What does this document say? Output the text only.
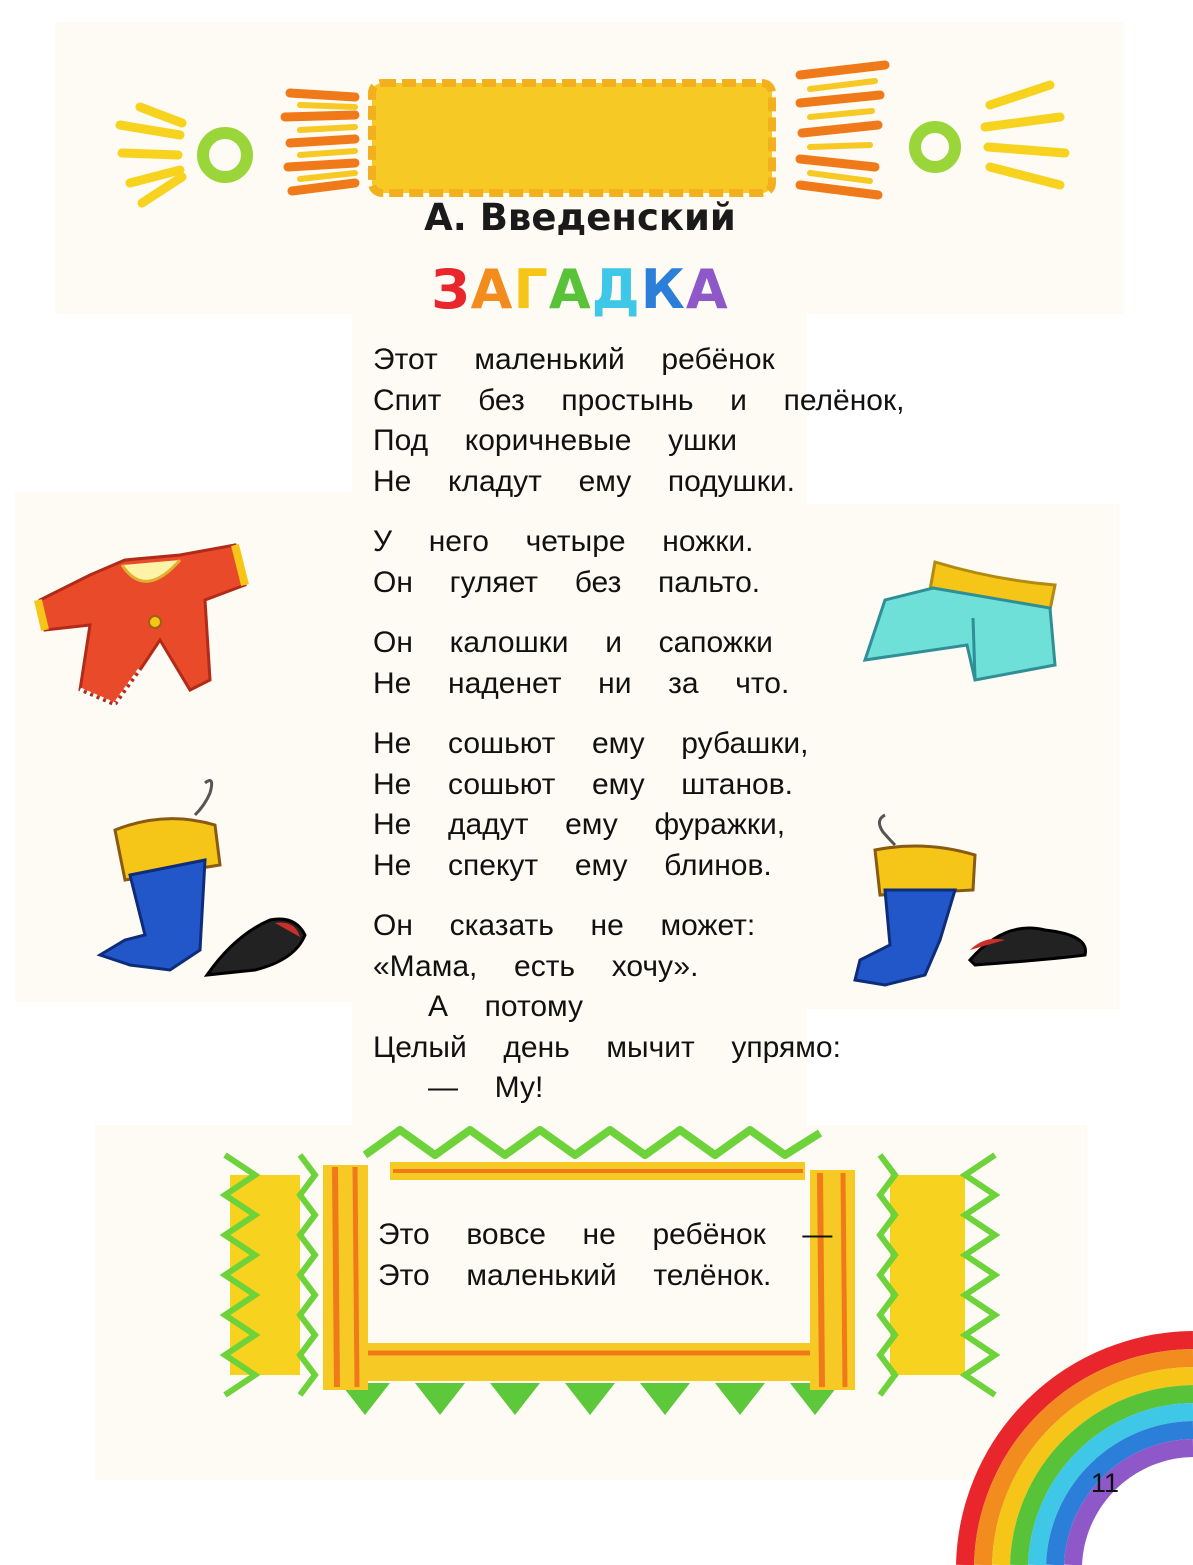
А. Введенский
ЗАГАДКА
Этот  маленький  ребёнок
Спит  без  простынь  и  пелёнок,
Под  коричневые  ушки
Не  кладут  ему  подушки.
У  него  четыре  ножки.
Он  гуляет  без  пальто.
Он  калошки  и  сапожки
Не  наденет  ни  за  что.
Не  сошьют  ему  рубашки,
Не  сошьют  ему  штанов.
Не  дадут  ему  фуражки,
Не  спекут  ему  блинов.
Он  сказать  не  может:
«Мама,  есть  хочу».
А  потому
Целый  день  мычит  упрямо:
—  Му!
Это  вовсе  не  ребёнок  —
Это  маленький  телёнок.
11
